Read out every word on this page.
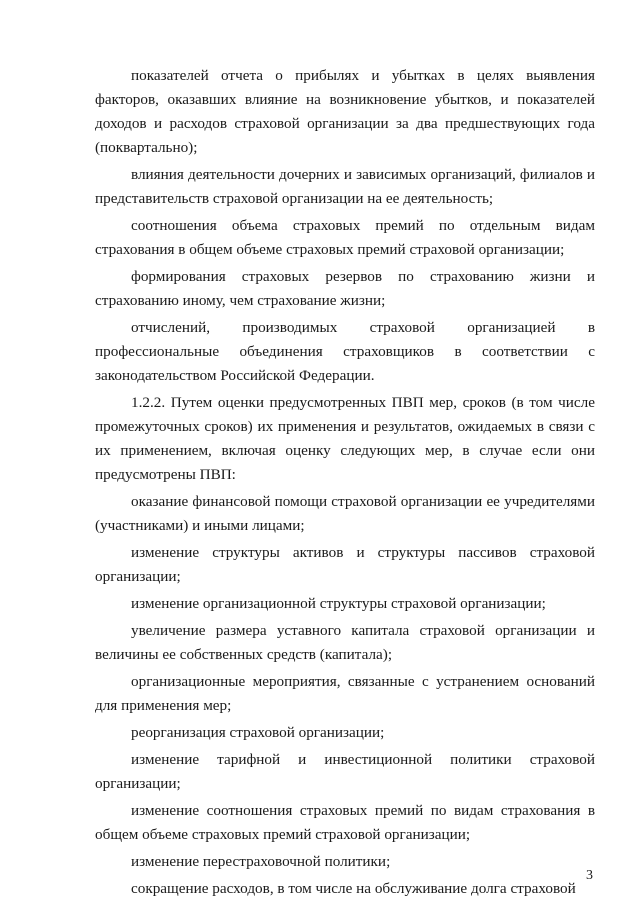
показателей отчета о прибылях и убытках в целях выявления факторов, оказавших влияние на возникновение убытков, и показателей доходов и расходов страховой организации за два предшествующих года (поквартально);

влияния деятельности дочерних и зависимых организаций, филиалов и представительств страховой организации на ее деятельность;

соотношения объема страховых премий по отдельным видам страхования в общем объеме страховых премий страховой организации;

формирования страховых резервов по страхованию жизни и страхованию иному, чем страхование жизни;

отчислений, производимых страховой организацией в профессиональные объединения страховщиков в соответствии с законодательством Российской Федерации.

1.2.2. Путем оценки предусмотренных ПВП мер, сроков (в том числе промежуточных сроков) их применения и результатов, ожидаемых в связи с их применением, включая оценку следующих мер, в случае если они предусмотрены ПВП:

оказание финансовой помощи страховой организации ее учредителями (участниками) и иными лицами;

изменение структуры активов и структуры пассивов страховой организации;

изменение организационной структуры страховой организации;

увеличение размера уставного капитала страховой организации и величины ее собственных средств (капитала);

организационные мероприятия, связанные с устранением оснований для применения мер;

реорганизация страховой организации;

изменение тарифной и инвестиционной политики страховой организации;

изменение соотношения страховых премий по видам страхования в общем объеме страховых премий страховой организации;

изменение перестраховочной политики;

сокращение расходов, в том числе на обслуживание долга страховой

3
